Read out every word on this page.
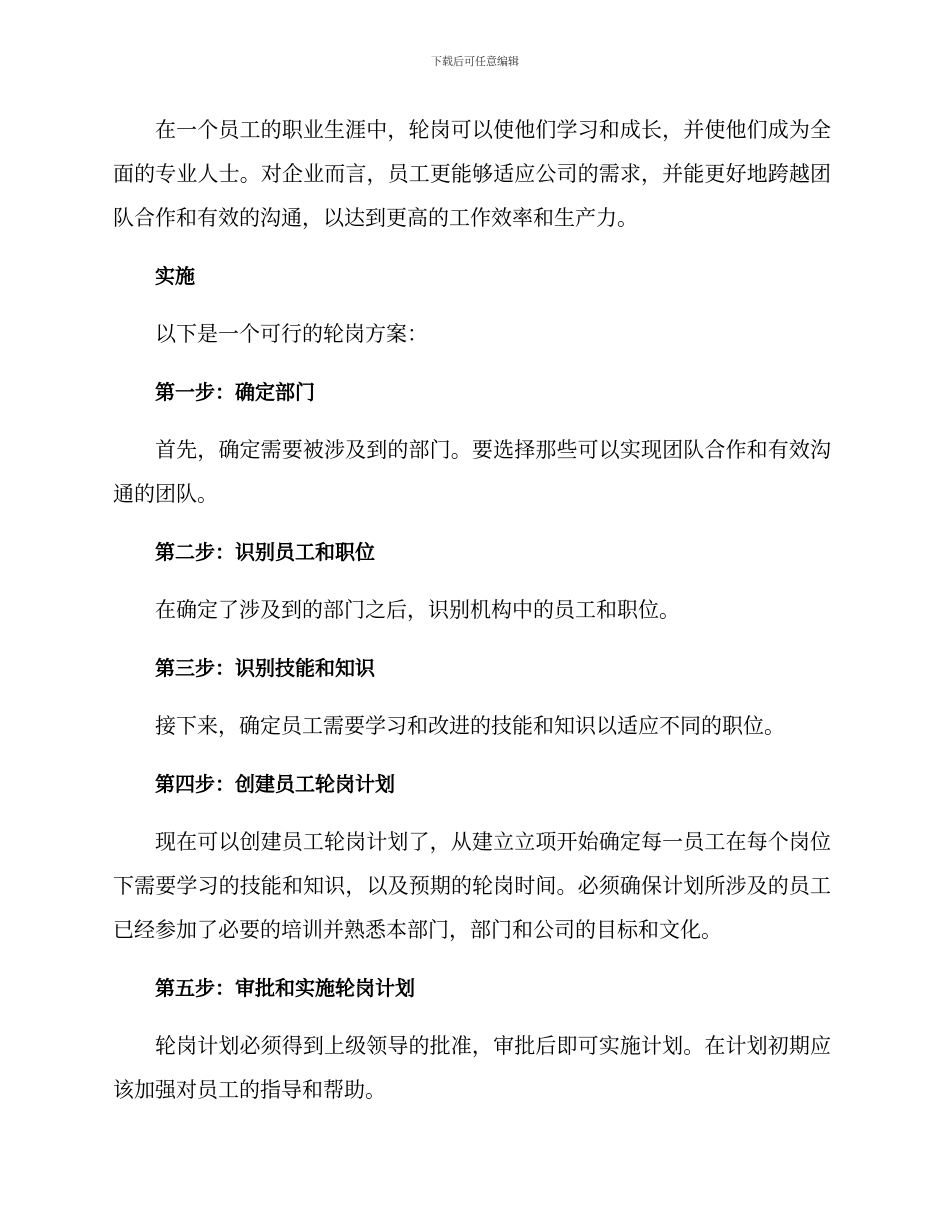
下载后可任意编辑

在一个员工的职业生涯中，轮岗可以使他们学习和成长，并使他们成为全面的专业人士。对企业而言，员工更能够适应公司的需求，并能更好地跨越团队合作和有效的沟通，以达到更高的工作效率和生产力。

实施

以下是一个可行的轮岗方案：

第一步：确定部门

首先，确定需要被涉及到的部门。要选择那些可以实现团队合作和有效沟通的团队。

第二步：识别员工和职位

在确定了涉及到的部门之后，识别机构中的员工和职位。

第三步：识别技能和知识

接下来，确定员工需要学习和改进的技能和知识以适应不同的职位。

第四步：创建员工轮岗计划

现在可以创建员工轮岗计划了，从建立立项开始确定每一员工在每个岗位下需要学习的技能和知识，以及预期的轮岗时间。必须确保计划所涉及的员工已经参加了必要的培训并熟悉本部门，部门和公司的目标和文化。

第五步：审批和实施轮岗计划

轮岗计划必须得到上级领导的批准，审批后即可实施计划。在计划初期应该加强对员工的指导和帮助。
